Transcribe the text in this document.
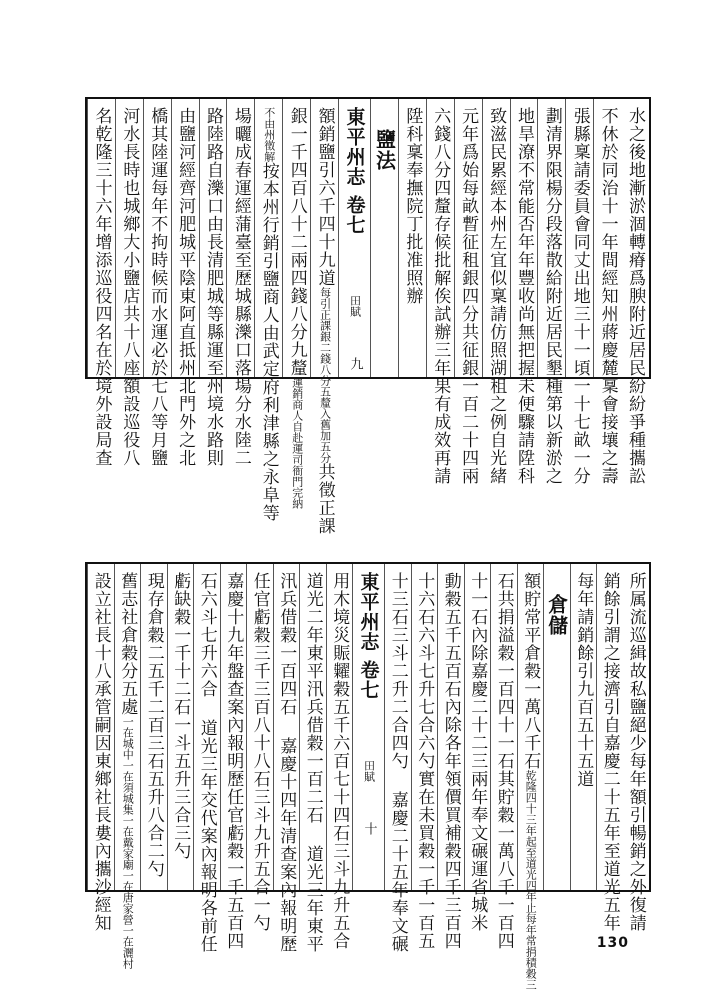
水之後地漸淤涸轉瘠爲腴附近居民紛紛爭種攜訟
不休於同治十一年間經知州蔣慶麓稟會接壤之壽
張縣稟請委員會同丈出地三十一頃一十七畝一分
劃清界限楊分段落散給附近居民墾種第以新淤之
地旱潦不常能否年年豐收尚無把握未便驟請陞科
致滋民累經本州左宜似稟請仿照湖租之例自光緒
元年爲始每畝暫征租銀四分共征銀一百二十四兩
六錢八分四釐存候批解俟試辦三年果有成效再請
陞科稟奉撫院丁批准照辦
鹽法
東平州志卷七田賦九
額銷鹽引六千四十九道每引正課銀二錢八分五釐入舊加五分共徵正課
銀一千四百八十二兩四錢八分九釐運銷商人自赴運司衙門完納
不由州徵解按本州行銷引鹽商人由武定府利津縣之永阜等
場曬成春運經蒲臺至歷城縣濼口落場分水陸二
路陸路自濼口由長清肥城等縣運至州境水路則
由鹽河經齊河肥城平陰東阿直抵州北門外之北
橋其陸運每年不拘時候而水運必於七八等月鹽
河水長時也城鄉大小鹽店共十八座額設巡役八
名乾隆三十六年增添巡役四名在於境外設局查
所属流巡緝故私鹽絕少每年額引暢銷之外復請
銷餘引謂之接濟引自嘉慶二十五年至道光五年
每年請銷餘引九百五十五道
倉儲
額貯常平倉穀一萬八千石乾隆四十三年起至道光四年止每年常捐積穀三
石共捐溢穀一百四十一石其貯穀一萬八千一百四
十一石內除嘉慶二十二三兩年奉文碾運省城米
動穀五千五百石內除各年領價買補穀四千三百四
十六石六斗七升七合六勺實在未買穀一千一百五
十三石三斗二升二合四勺 嘉慶二十五年奉文碾
東平州志卷七田賦十
用木境災賑糶穀五千六百七十四石三斗九升五合
道光二年東平汛兵借穀一百二石 道光三年東平
汛兵借穀一百四石 嘉慶十四年清查案內報明歷
任官虧穀三千三百八十八石三斗九升五合一勺
嘉慶十九年盤查案內報明歷任官虧穀一千五百四
石六斗七升六合 道光三年交代案內報明各前任
虧缺穀一千十二石一斗五升三合三勺
現存倉穀二五千二百三石五升八合二勺
舊志社倉穀分五處一在城中一在須城集一在戴家廟一在唐家營一在灑村
設立社長十八承管嗣因東鄉社長婁內攜沙經知
130
